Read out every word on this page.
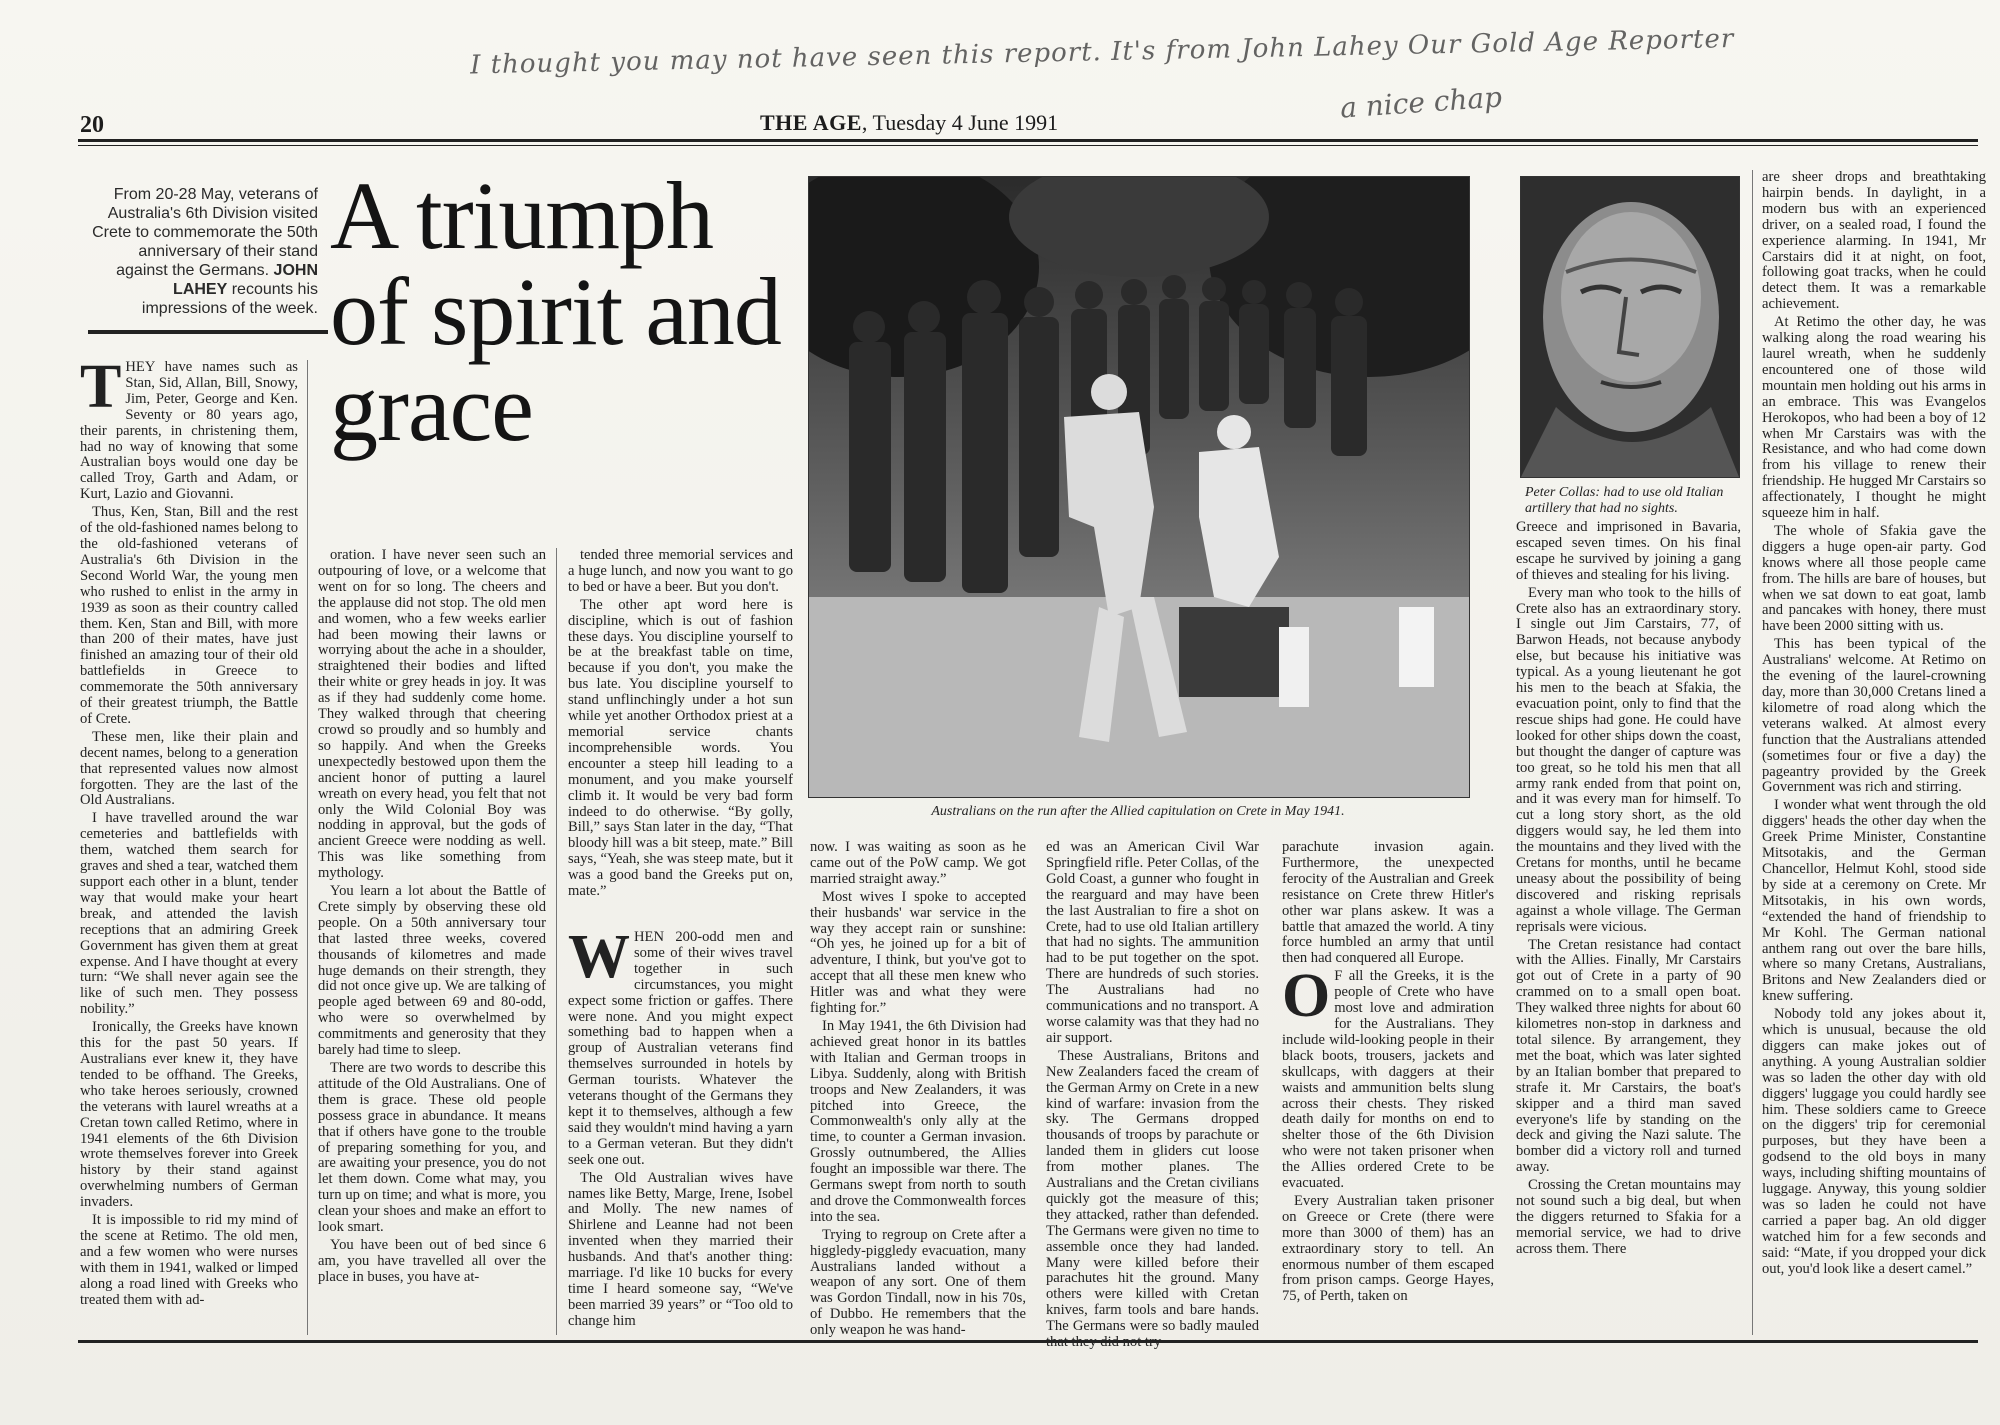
I thought you may not have seen this report. It's from John Lahey Our Gold Age Reporter
a nice chap
20	THE AGE, Tuesday 4 June 1991
From 20-28 May, veterans of Australia's 6th Division visited Crete to commemorate the 50th anniversary of their stand against the Germans. JOHN LAHEY recounts his impressions of the week.
A triumph of spirit and grace
Australians on the run after the Allied capitulation on Crete in May 1941.
Peter Collas: had to use old Italian artillery that had no sights.

THEY have names such as Stan, Sid, Allan, Bill, Snowy, Jim, Peter, George and Ken. Seventy or 80 years ago, their parents, in christening them, had no way of knowing that some Australian boys would one day be called Troy, Garth and Adam, or Kurt, Lazio and Giovanni.

Thus, Ken, Stan, Bill and the rest of the old-fashioned names belong to the old-fashioned veterans of Australia's 6th Division in the Second World War, the young men who rushed to enlist in the army in 1939 as soon as their country called them. Ken, Stan and Bill, with more than 200 of their mates, have just finished an amazing tour of their old battlefields in Greece to commemorate the 50th anniversary of their greatest triumph, the Battle of Crete.

These men, like their plain and decent names, belong to a generation that represented values now almost forgotten. They are the last of the Old Australians.

I have travelled around the war cemeteries and battlefields with them, watched them search for graves and shed a tear, watched them support each other in a blunt, tender way that would make your heart break, and attended the lavish receptions that an admiring Greek Government has given them at great expense. And I have thought at every turn: “We shall never again see the like of such men. They possess nobility.”

Ironically, the Greeks have known this for the past 50 years. If Australians ever knew it, they have tended to be offhand. The Greeks, who take heroes seriously, crowned the veterans with laurel wreaths at a Cretan town called Retimo, where in 1941 elements of the 6th Division wrote themselves forever into Greek history by their stand against overwhelming numbers of German invaders.

It is impossible to rid my mind of the scene at Retimo. The old men, and a few women who were nurses with them in 1941, walked or limped along a road lined with Greeks who treated them with ad-

oration. I have never seen such an outpouring of love, or a welcome that went on for so long. The cheers and the applause did not stop. The old men and women, who a few weeks earlier had been mowing their lawns or worrying about the ache in a shoulder, straightened their bodies and lifted their white or grey heads in joy. It was as if they had suddenly come home. They walked through that cheering crowd so proudly and so humbly and so happily. And when the Greeks unexpectedly bestowed upon them the ancient honor of putting a laurel wreath on every head, you felt that not only the Wild Colonial Boy was nodding in approval, but the gods of ancient Greece were nodding as well. This was like something from mythology.

You learn a lot about the Battle of Crete simply by observing these old people. On a 50th anniversary tour that lasted three weeks, covered thousands of kilometres and made huge demands on their strength, they did not once give up. We are talking of people aged between 69 and 80-odd, who were so overwhelmed by commitments and generosity that they barely had time to sleep.

There are two words to describe this attitude of the Old Australians. One of them is grace. These old people possess grace in abundance. It means that if others have gone to the trouble of preparing something for you, and are awaiting your presence, you do not let them down. Come what may, you turn up on time; and what is more, you clean your shoes and make an effort to look smart.

You have been out of bed since 6 am, you have travelled all over the place in buses, you have at-

tended three memorial services and a huge lunch, and now you want to go to bed or have a beer. But you don't.

The other apt word here is discipline, which is out of fashion these days. You discipline yourself to be at the breakfast table on time, because if you don't, you make the bus late. You discipline yourself to stand unflinchingly under a hot sun while yet another Orthodox priest at a memorial service chants incomprehensible words. You encounter a steep hill leading to a monument, and you make yourself climb it. It would be very bad form indeed to do otherwise. “By golly, Bill,” says Stan later in the day, “That bloody hill was a bit steep, mate.” Bill says, “Yeah, she was steep mate, but it was a good band the Greeks put on, mate.”

WHEN 200-odd men and some of their wives travel together in such circumstances, you might expect some friction or gaffes. There were none. And you might expect something bad to happen when a group of Australian veterans find themselves surrounded in hotels by German tourists. Whatever the veterans thought of the Germans they kept it to themselves, although a few said they wouldn't mind having a yarn to a German veteran. But they didn't seek one out.

The Old Australian wives have names like Betty, Marge, Irene, Isobel and Molly. The new names of Shirlene and Leanne had not been invented when they married their husbands. And that's another thing: marriage. I'd like 10 bucks for every time I heard someone say, “We've been married 39 years” or “Too old to change him

now. I was waiting as soon as he came out of the PoW camp. We got married straight away.”

Most wives I spoke to accepted their husbands' war service in the way they accept rain or sunshine: “Oh yes, he joined up for a bit of adventure, I think, but you've got to accept that all these men knew who Hitler was and what they were fighting for.”

In May 1941, the 6th Division had achieved great honor in its battles with Italian and German troops in Libya. Suddenly, along with British troops and New Zealanders, it was pitched into Greece, the Commonwealth's only ally at the time, to counter a German invasion. Grossly outnumbered, the Allies fought an impossible war there. The Germans swept from north to south and drove the Commonwealth forces into the sea.

Trying to regroup on Crete after a higgledy-piggledy evacuation, many Australians landed without a weapon of any sort. One of them was Gordon Tindall, now in his 70s, of Dubbo. He remembers that the only weapon he was hand-

ed was an American Civil War Springfield rifle. Peter Collas, of the Gold Coast, a gunner who fought in the rearguard and may have been the last Australian to fire a shot on Crete, had to use old Italian artillery that had no sights. The ammunition had to be put together on the spot. There are hundreds of such stories. The Australians had no communications and no transport. A worse calamity was that they had no air support.

These Australians, Britons and New Zealanders faced the cream of the German Army on Crete in a new kind of warfare: invasion from the sky. The Germans dropped thousands of troops by parachute or landed them in gliders cut loose from mother planes. The Australians and the Cretan civilians quickly got the measure of this; they attacked, rather than defended. The Germans were given no time to assemble once they had landed. Many were killed before their parachutes hit the ground. Many others were killed with Cretan knives, farm tools and bare hands. The Germans were so badly mauled

parachute invasion again. Furthermore, the unexpected ferocity of the Australian and Greek resistance on Crete threw Hitler's other war plans askew. It was a battle that amazed the world. A tiny force humbled an army that until then had conquered all Europe.

O F all the Greeks, it is the people of Crete who have most love and admiration for the Australians. They include wild-looking people in their black boots, trousers, jackets and skullcaps, with daggers at their waists and ammunition belts slung across their chests. They risked death daily for months on end to shelter those of the 6th Division who were not taken prisoner when the Allies ordered Crete to be evacuated.

Every Australian taken prisoner on Greece or Crete (there were more than 3000 of them) has an extraordinary story to tell. An enormous number of them escaped from prison camps. George Hayes, 75, of Perth, taken on

Greece and imprisoned in Bavaria, escaped seven times. On his final escape he survived by joining a gang of thieves and stealing for his living.

Every man who took to the hills of Crete also has an extraordinary story. I single out Jim Carstairs, 77, of Barwon Heads, not because anybody else, but because his initiative was typical. As a young lieutenant he got his men to the beach at Sfakia, the evacuation point, only to find that the rescue ships had gone. He could have looked for other ships down the coast, but thought the danger of capture was too great, so he told his men that all army rank ended from that point on, and it was every man for himself. To cut a long story short, as the old diggers would say, he led them into the mountains and they lived with the Cretans for months, until he became uneasy about the possibility of being discovered and risking reprisals against a whole village. The German reprisals were vicious.

The Cretan resistance had contact with the Allies. Finally, Mr Carstairs got out of Crete in a party of 90 crammed on to a small open boat. They walked three nights for about 60 kilometres non-stop in darkness and total silence. By arrangement, they met the boat, which was later sighted by an Italian bomber that prepared to strafe it. Mr Carstairs, the boat's skipper and a third man saved everyone's life by standing on the deck and giving the Nazi salute. The bomber did a victory roll and turned away.

Crossing the Cretan mountains may not sound such a big deal, but when the diggers returned to Sfakia for a memorial service, we had to drive across them. There

are sheer drops and breathtaking hairpin bends. In daylight, in a modern bus with an experienced driver, on a sealed road, I found the experience alarming. In 1941, Mr Carstairs did it at night, on foot, following goat tracks, when he could detect them. It was a remarkable achievement.

At Retimo the other day, he was walking along the road wearing his laurel wreath, when he suddenly encountered one of those wild mountain men holding out his arms in an embrace. This was Evangelos Herokopos, who had been a boy of 12 when Mr Carstairs was with the Resistance, and who had come down from his village to renew their friendship. He hugged Mr Carstairs so affectionately, I thought he might squeeze him in half.

The whole of Sfakia gave the diggers a huge open-air party. God knows where all those people came from. The hills are bare of houses, but when we sat down to eat goat, lamb and pancakes with honey, there must have been 2000 sitting with us.

This has been typical of the Australians' welcome. At Retimo on the evening of the laurel-crowning day, more than 30,000 Cretans lined a kilometre of road along which the veterans walked. At almost every function that the Australians attended (sometimes four or five a day) the pageantry provided by the Greek Government was rich and stirring.

I wonder what went through the old diggers' heads the other day when the Greek Prime Minister, Constantine Mitsotakis, and the German Chancellor, Helmut Kohl, stood side by side at a ceremony on Crete. Mr Mitsotakis, in his own words, “extended the hand of friendship to Mr Kohl. The German national anthem rang out over the bare hills, where so many Cretans, Australians, Britons and New Zealanders died or knew suffering.

Nobody told any jokes about it, which is unusual, because the old diggers can make jokes out of anything. A young Australian soldier was so laden the other day with old diggers' luggage you could hardly see him. These soldiers came to Greece on the diggers' trip for ceremonial purposes, but they have been a godsend to the old boys in many ways, including shifting mountains of luggage. Anyway, this young soldier was so laden he could not have carried a paper bag. An old digger watched him for a few seconds and said: “Mate, if you dropped your dick out, you'd look like a desert camel.”
